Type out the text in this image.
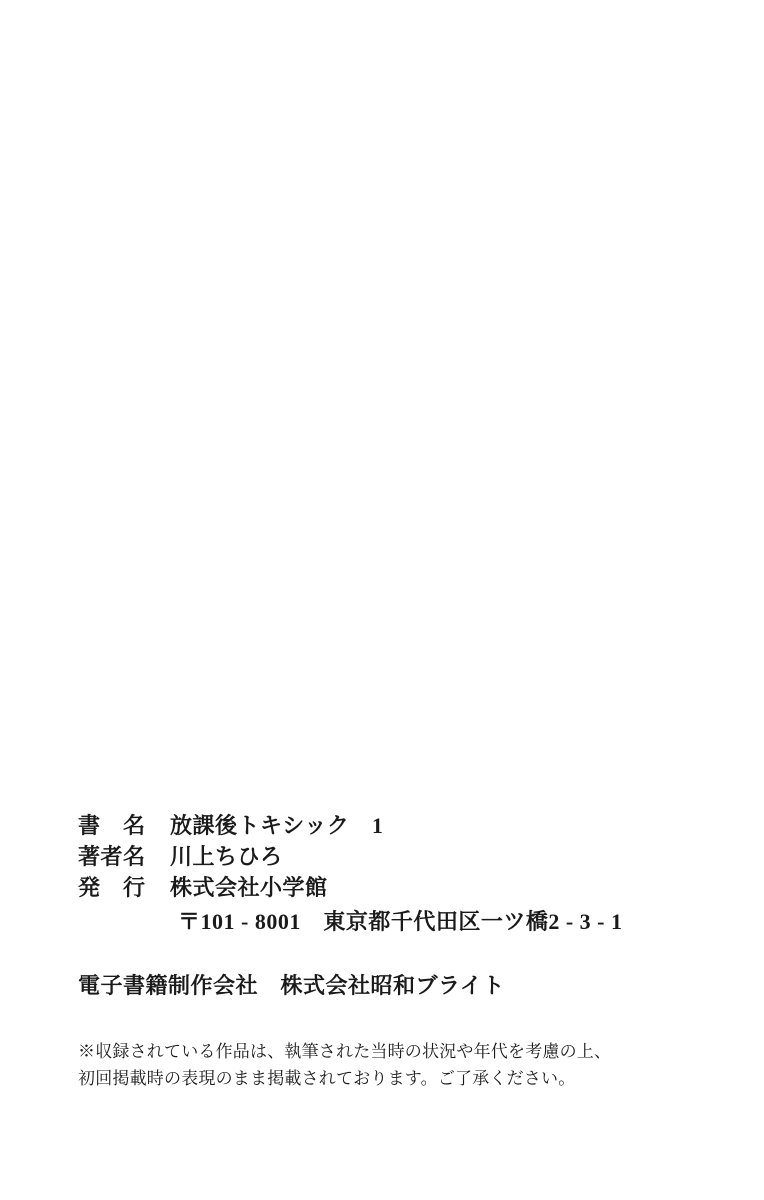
書　名	放課後トキシック　1
著者名	川上ちひろ
発　行	株式会社小学館
〒101 - 8001　東京都千代田区一ツ橋2 - 3 - 1
電子書籍制作会社　株式会社昭和ブライト
※収録されている作品は、執筆された当時の状況や年代を考慮の上、
初回掲載時の表現のまま掲載されております。ご了承ください。
